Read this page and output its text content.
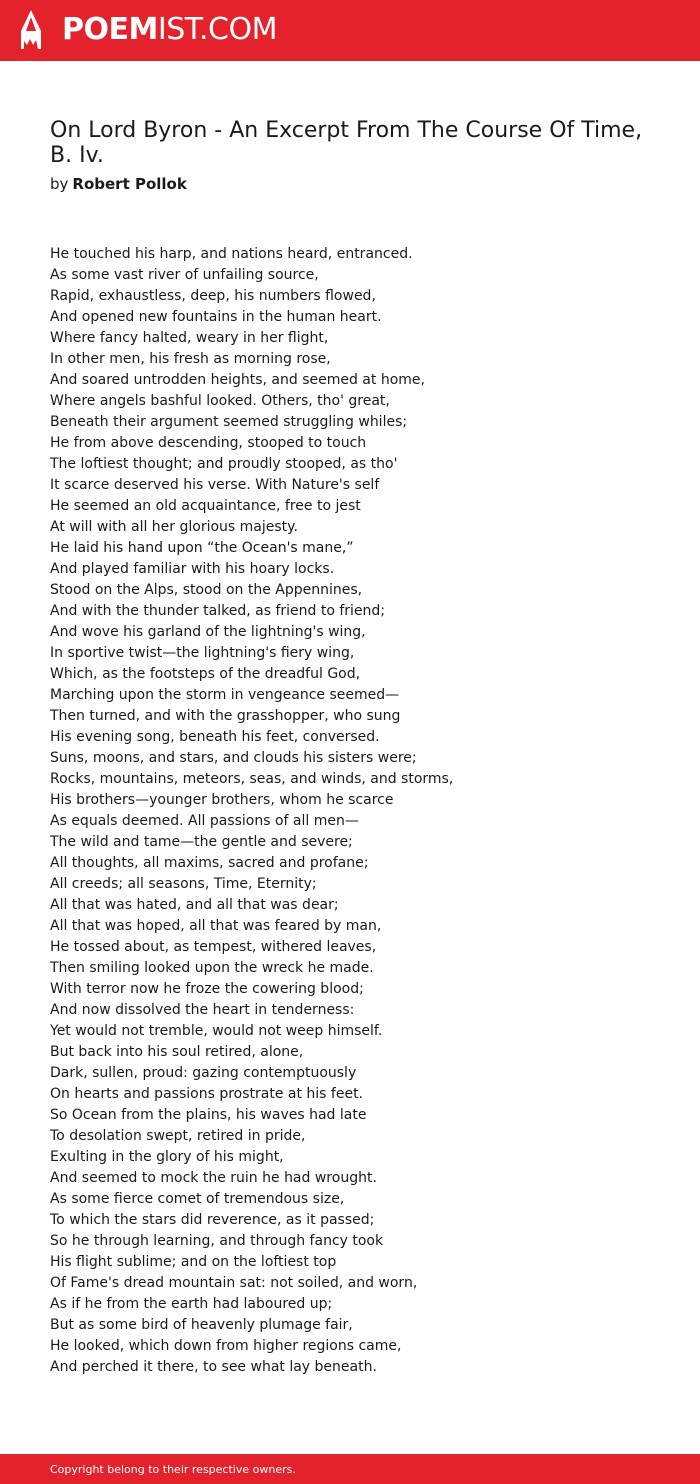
POEMIST.COM
On Lord Byron - An Excerpt From The Course Of Time, B. Iv.
by Robert Pollok
He touched his harp, and nations heard, entranced.
As some vast river of unfailing source,
Rapid, exhaustless, deep, his numbers flowed,
And opened new fountains in the human heart.
Where fancy halted, weary in her flight,
In other men, his fresh as morning rose,
And soared untrodden heights, and seemed at home,
Where angels bashful looked. Others, tho' great,
Beneath their argument seemed struggling whiles;
He from above descending, stooped to touch
The loftiest thought; and proudly stooped, as tho'
It scarce deserved his verse. With Nature's self
He seemed an old acquaintance, free to jest
At will with all her glorious majesty.
He laid his hand upon “the Ocean's mane,”
And played familiar with his hoary locks.
Stood on the Alps, stood on the Appennines,
And with the thunder talked, as friend to friend;
And wove his garland of the lightning's wing,
In sportive twist—the lightning's fiery wing,
Which, as the footsteps of the dreadful God,
Marching upon the storm in vengeance seemed—
Then turned, and with the grasshopper, who sung
His evening song, beneath his feet, conversed.
Suns, moons, and stars, and clouds his sisters were;
Rocks, mountains, meteors, seas, and winds, and storms,
His brothers—younger brothers, whom he scarce
As equals deemed. All passions of all men—
The wild and tame—the gentle and severe;
All thoughts, all maxims, sacred and profane;
All creeds; all seasons, Time, Eternity;
All that was hated, and all that was dear;
All that was hoped, all that was feared by man,
He tossed about, as tempest, withered leaves,
Then smiling looked upon the wreck he made.
With terror now he froze the cowering blood;
And now dissolved the heart in tenderness:
Yet would not tremble, would not weep himself.
But back into his soul retired, alone,
Dark, sullen, proud: gazing contemptuously
On hearts and passions prostrate at his feet.
So Ocean from the plains, his waves had late
To desolation swept, retired in pride,
Exulting in the glory of his might,
And seemed to mock the ruin he had wrought.
As some fierce comet of tremendous size,
To which the stars did reverence, as it passed;
So he through learning, and through fancy took
His flight sublime; and on the loftiest top
Of Fame's dread mountain sat: not soiled, and worn,
As if he from the earth had laboured up;
But as some bird of heavenly plumage fair,
He looked, which down from higher regions came,
And perched it there, to see what lay beneath.
Copyright belong to their respective owners.
